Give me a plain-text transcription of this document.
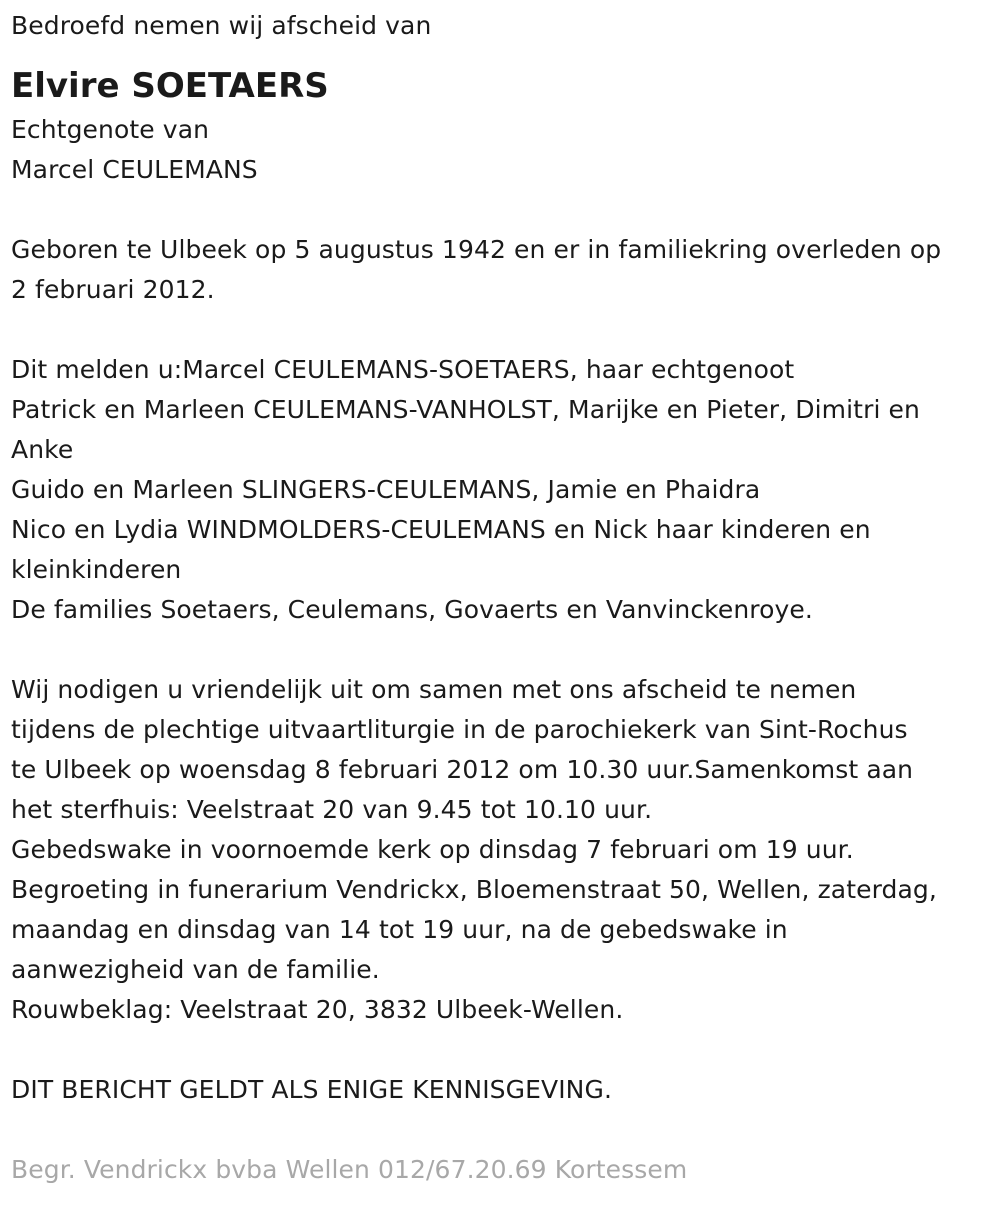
Bedroefd nemen wij afscheid van
Elvire SOETAERS
Echtgenote van
Marcel CEULEMANS
Geboren te Ulbeek op 5 augustus 1942 en er in familiekring overleden op
2 februari 2012.
Dit melden u:Marcel CEULEMANS-SOETAERS, haar echtgenoot
Patrick en Marleen CEULEMANS-VANHOLST, Marijke en Pieter, Dimitri en
Anke
Guido en Marleen SLINGERS-CEULEMANS, Jamie en Phaidra
Nico en Lydia WINDMOLDERS-CEULEMANS en Nick haar kinderen en
kleinkinderen
De families Soetaers, Ceulemans, Govaerts en Vanvinckenroye.
Wij nodigen u vriendelijk uit om samen met ons afscheid te nemen
tijdens de plechtige uitvaartliturgie in de parochiekerk van Sint-Rochus
te Ulbeek op woensdag 8 februari 2012 om 10.30 uur.Samenkomst aan
het sterfhuis: Veelstraat 20 van 9.45 tot 10.10 uur.
Gebedswake in voornoemde kerk op dinsdag 7 februari om 19 uur.
Begroeting in funerarium Vendrickx, Bloemenstraat 50, Wellen, zaterdag,
maandag en dinsdag van 14 tot 19 uur, na de gebedswake in
aanwezigheid van de familie.
Rouwbeklag: Veelstraat 20, 3832 Ulbeek-Wellen.
DIT BERICHT GELDT ALS ENIGE KENNISGEVING.
Begr. Vendrickx bvba Wellen 012/67.20.69 Kortessem
